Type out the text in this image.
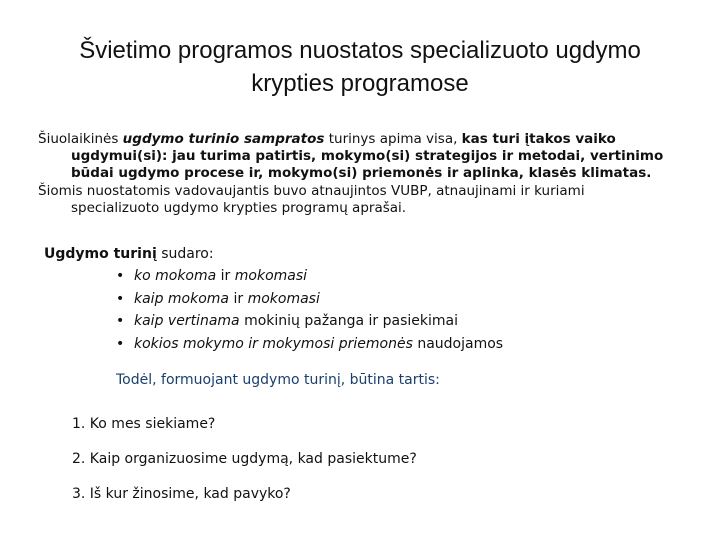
Švietimo programos nuostatos specializuoto ugdymo
krypties programose
Šiuolaikinės ugdymo turinio sampratos turinys apima visa, kas turi įtakos vaiko
ugdymui(si): jau turima patirtis, mokymo(si) strategijos ir metodai, vertinimo
būdai ugdymo procese ir, mokymo(si) priemonės ir aplinka, klasės klimatas.
Šiomis nuostatomis vadovaujantis buvo atnaujintos VUBP, atnaujinami ir kuriami
specializuoto ugdymo krypties programų aprašai.
Ugdymo turinį sudaro:
• ko mokoma ir mokomasi
• kaip mokoma ir mokomasi
• kaip vertinama mokinių pažanga ir pasiekimai
• kokios mokymo ir mokymosi priemonės naudojamos
Todėl, formuojant ugdymo turinį, būtina tartis:
1. Ko mes siekiame?
2. Kaip organizuosime ugdymą, kad pasiektume?
3. Iš kur žinosime, kad pavyko?
